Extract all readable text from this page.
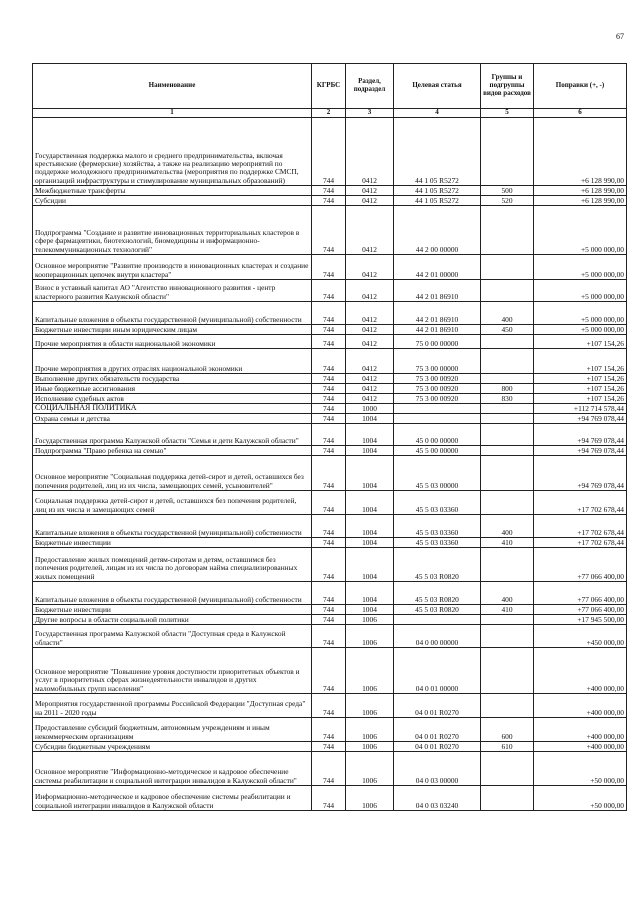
67
Наименование	КГРБС	Раздел, подраздел	Целевая статья	Группы и подгруппы видов расходов	Поправки (+, -)
1	2	3	4	5	6
Государственная поддержка малого и среднего предпринимательства, включая крестьянские (фермерские) хозяйства, а также на реализацию мероприятий по поддержке молодежного предпринимательства (мероприятия по поддержке СМСП, организаций инфраструктуры и стимулирование муниципальных образований)	744	0412	44 1 05 R5272		+6 128 990,00
Межбюджетные трансферты	744	0412	44 1 05 R5272	500	+6 128 990,00
Субсидии	744	0412	44 1 05 R5272	520	+6 128 990,00
Подпрограмма "Создание и развитие инновационных территориальных кластеров в сфере фармацевтики, биотехнологий, биомедицины и информационно-телекоммуникационных технологий"	744	0412	44 2 00 00000		+5 000 000,00
Основное мероприятие "Развитие производств в инновационных кластерах и создание кооперационных цепочек внутри кластера"	744	0412	44 2 01 00000		+5 000 000,00
Взнос в уставный капитал АО "Агентство инновационного развития - центр кластерного развития Калужской области"	744	0412	44 2 01 86910		+5 000 000,00
Капитальные вложения в объекты государственной (муниципальной) собственности	744	0412	44 2 01 86910	400	+5 000 000,00
Бюджетные инвестиции иным юридическим лицам	744	0412	44 2 01 86910	450	+5 000 000,00
Прочие мероприятия в области национальной экономики	744	0412	75 0 00 00000		+107 154,26
Прочие мероприятия в других отраслях национальной экономики	744	0412	75 3 00 00000		+107 154,26
Выполнение других обязательств государства	744	0412	75 3 00 00920		+107 154,26
Иные бюджетные ассигнования	744	0412	75 3 00 00920	800	+107 154,26
Исполнение судебных актов	744	0412	75 3 00 00920	830	+107 154,26
СОЦИАЛЬНАЯ ПОЛИТИКА	744	1000			+112 714 578,44
Охрана семьи и детства	744	1004			+94 769 078,44
Государственная программа Калужской области "Семья и дети Калужской области"	744	1004	45 0 00 00000		+94 769 078,44
Подпрограмма "Право ребенка на семью"	744	1004	45 5 00 00000		+94 769 078,44
Основное мероприятие "Социальная поддержка детей-сирот и детей, оставшихся без попечения родителей, лиц из их числа, замещающих семей, усыновителей"	744	1004	45 5 03 00000		+94 769 078,44
Социальная поддержка детей-сирот и детей, оставшихся без попечения родителей, лиц из их числа и замещающих семей	744	1004	45 5 03 03360		+17 702 678,44
Капитальные вложения в объекты государственной (муниципальной) собственности	744	1004	45 5 03 03360	400	+17 702 678,44
Бюджетные инвестиции	744	1004	45 5 03 03360	410	+17 702 678,44
Предоставление жилых помещений детям-сиротам и детям, оставшимся без попечения родителей, лицам из их числа по договорам найма специализированных жилых помещений	744	1004	45 5 03 R0820		+77 066 400,00
Капитальные вложения в объекты государственной (муниципальной) собственности	744	1004	45 5 03 R0820	400	+77 066 400,00
Бюджетные инвестиции	744	1004	45 5 03 R0820	410	+77 066 400,00
Другие вопросы в области социальной политики	744	1006			+17 945 500,00
Государственная программа Калужской области "Доступная среда в Калужской области"	744	1006	04 0 00 00000		+450 000,00
Основное мероприятие "Повышение уровня доступности приоритетных объектов и услуг в приоритетных сферах жизнедеятельности инвалидов и других маломобильных групп населения"	744	1006	04 0 01 00000		+400 000,00
Мероприятия государственной программы Российской Федерации "Доступная среда" на 2011 - 2020 годы	744	1006	04 0 01 R0270		+400 000,00
Предоставление субсидий бюджетным, автономным учреждениям и иным некоммерческим организациям	744	1006	04 0 01 R0270	600	+400 000,00
Субсидии бюджетным учреждениям	744	1006	04 0 01 R0270	610	+400 000,00
Основное мероприятие "Информационно-методическое и кадровое обеспечение системы реабилитации и социальной интеграции инвалидов в Калужской области"	744	1006	04 0 03 00000		+50 000,00
Информационно-методическое и кадровое обеспечение системы реабилитации и социальной интеграции инвалидов в Калужской области	744	1006	04 0 03 03240		+50 000,00
